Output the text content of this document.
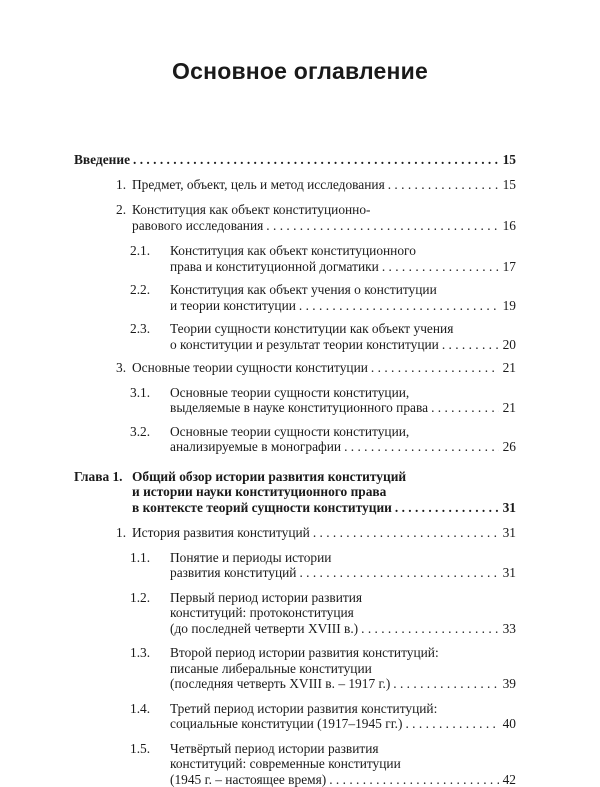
Основное оглавление
Введение . . .	15
1. Предмет, объект, цель и метод исследования . . .	15
2. Конституция как объект конституционно-
равового исследования . . .	16
2.1. Конституция как объект конституционного
права и конституционной догматики . . .	17
2.2. Конституция как объект учения о конституции
и теории конституции . . .	19
2.3. Теории сущности конституции как объект учения
о конституции и результат теории конституции . . .	20
3. Основные теории сущности конституции . . .	21
3.1. Основные теории сущности конституции,
выделяемые в науке конституционного права . . .	21
3.2. Основные теории сущности конституции,
анализируемые в монографии . . .	26
Глава 1. Общий обзор истории развития конституций
и истории науки конституционного права
в контексте теорий сущности конституции . . .	31
1. История развития конституций . . .	31
1.1. Понятие и периоды истории
развития конституций . . .	31
1.2. Первый период истории развития
конституций: протоконституция
(до последней четверти XVIII в.) . . .	33
1.3. Второй период истории развития конституций:
писаные либеральные конституции
(последняя четверть XVIII в. – 1917 г.) . . .	39
1.4. Третий период истории развития конституций:
социальные конституции (1917–1945 гг.) . . .	40
1.5. Четвёртый период истории развития
конституций: современные конституции
(1945 г. – настоящее время) . . .	42
